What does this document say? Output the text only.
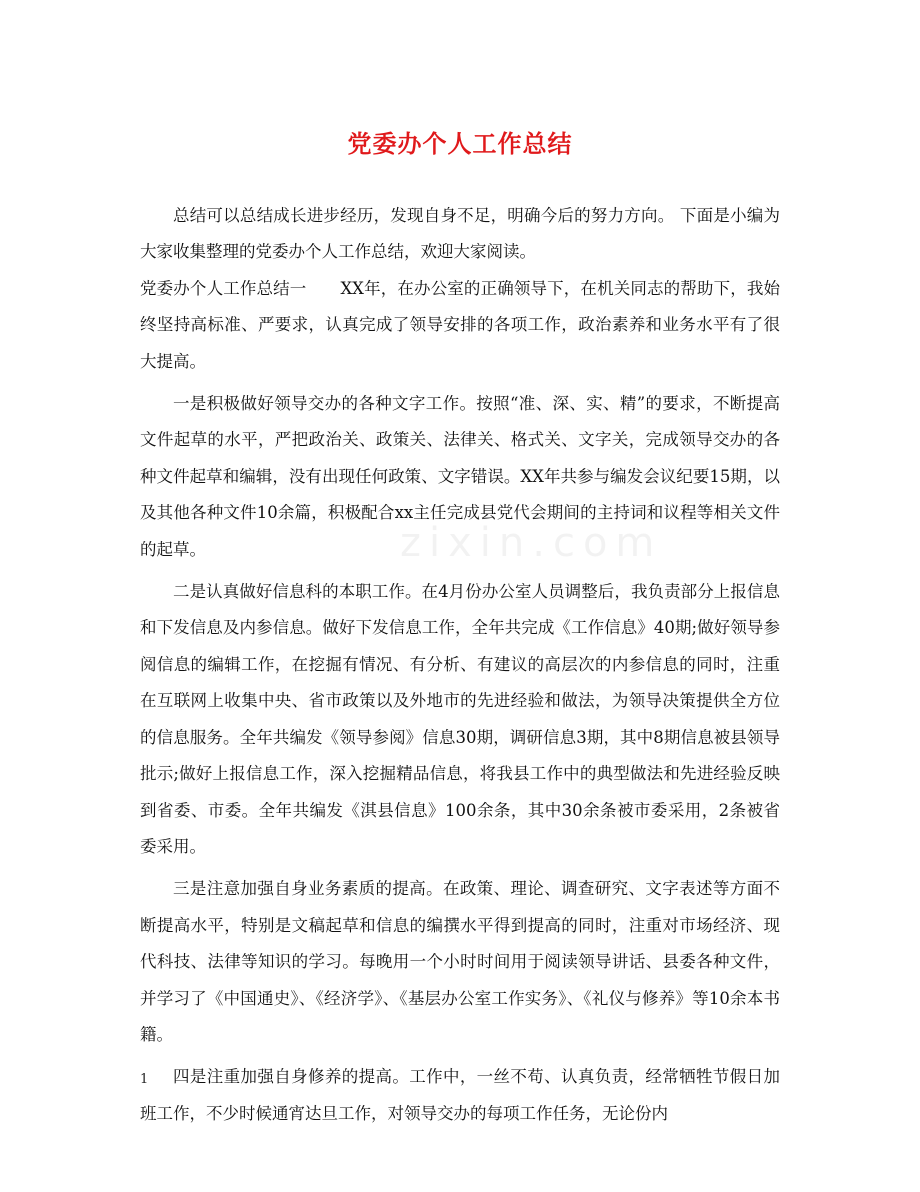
党委办个人工作总结
zixin.com

总结可以总结成长进步经历，发现自身不足，明确今后的努力方向。 下面是小编为大家收集整理的党委办个人工作总结，欢迎大家阅读。

党委办个人工作总结一 XX年，在办公室的正确领导下，在机关同志的帮助下，我始终坚持高标准、严要求，认真完成了领导安排的各项工作，政治素养和业务水平有了很大提高。

一是积极做好领导交办的各种文字工作。按照“准、深、实、精”的要求，不断提高文件起草的水平，严把政治关、政策关、法律关、格式关、文字关，完成领导交办的各种文件起草和编辑，没有出现任何政策、文字错误。XX年共参与编发会议纪要15期，以及其他各种文件10余篇，积极配合xx主任完成县党代会期间的主持词和议程等相关文件的起草。

二是认真做好信息科的本职工作。在4月份办公室人员调整后，我负责部分上报信息和下发信息及内参信息。做好下发信息工作，全年共完成《工作信息》40期;做好领导参阅信息的编辑工作，在挖掘有情况、有分析、有建议的高层次的内参信息的同时，注重在互联网上收集中央、省市政策以及外地市的先进经验和做法，为领导决策提供全方位的信息服务。全年共编发《领导参阅》信息30期，调研信息3期，其中8期信息被县领导批示;做好上报信息工作，深入挖掘精品信息，将我县工作中的典型做法和先进经验反映到省委、市委。全年共编发《淇县信息》100余条，其中30余条被市委采用，2条被省委采用。

三是注意加强自身业务素质的提高。在政策、理论、调查研究、文字表述等方面不断提高水平，特别是文稿起草和信息的编撰水平得到提高的同时，注重对市场经济、现代科技、法律等知识的学习。每晚用一个小时时间用于阅读领导讲话、县委各种文件，并学习了《中国通史》、《经济学》、《基层办公室工作实务》、《礼仪与修养》等10余本书籍。

四是注重加强自身修养的提高。工作中，一丝不苟、认真负责，经常牺牲节假日加班工作，不少时候通宵达旦工作，对领导交办的每项工作任务，无论份内

1
